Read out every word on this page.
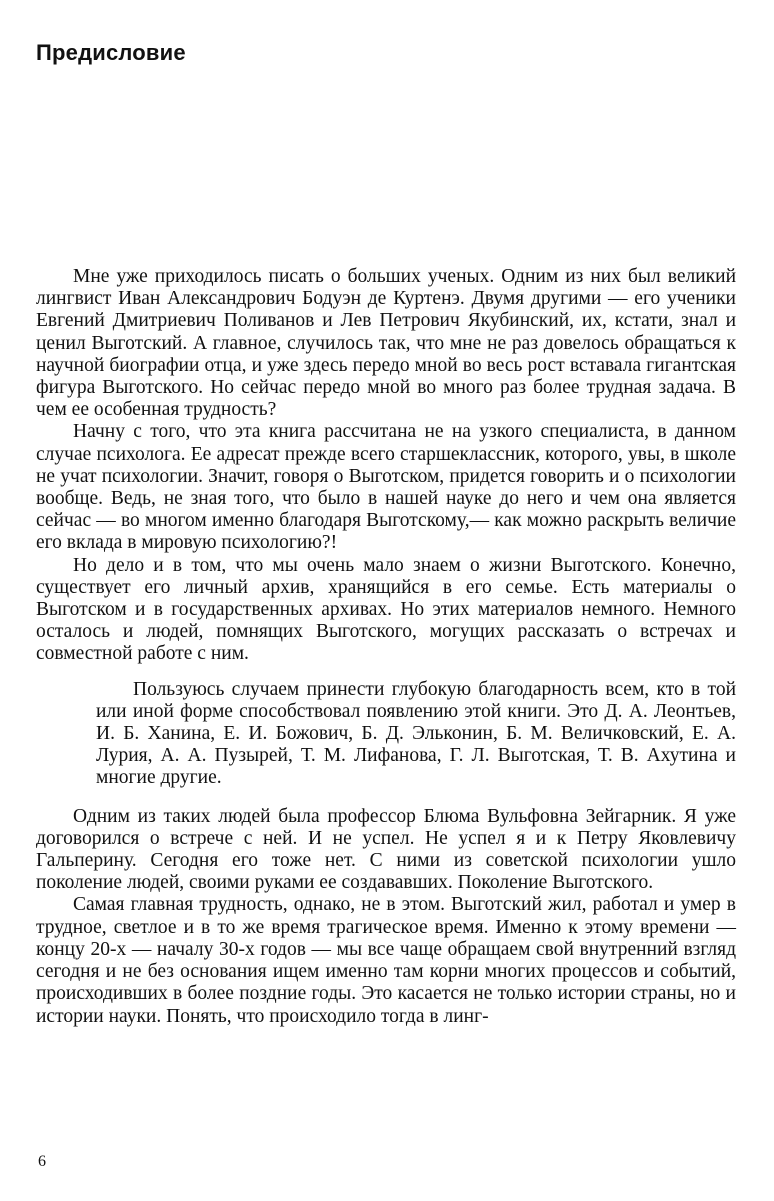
Предисловие

Мне уже приходилось писать о больших ученых. Одним из них был великий лингвист Иван Александрович Бодуэн де Куртенэ. Двумя другими — его ученики Евгений Дмитриевич Поливанов и Лев Петрович Якубинский, их, кстати, знал и ценил Выготский. А главное, случилось так, что мне не раз довелось обращаться к научной биографии отца, и уже здесь передо мной во весь рост вставала гигантская фигура Выготского. Но сейчас передо мной во много раз более трудная задача. В чем ее особенная трудность?

Начну с того, что эта книга рассчитана не на узкого специалиста, в данном случае психолога. Ее адресат прежде всего старшеклассник, которого, увы, в школе не учат психологии. Значит, говоря о Выготском, придется говорить и о психологии вообще. Ведь, не зная того, что было в нашей науке до него и чем она является сейчас — во многом именно благодаря Выготскому,— как можно раскрыть величие его вклада в мировую психологию?!

Но дело и в том, что мы очень мало знаем о жизни Выготского. Конечно, существует его личный архив, хранящийся в его семье. Есть материалы о Выготском и в государственных архивах. Но этих материалов немного. Немного осталось и людей, помнящих Выготского, могущих рассказать о встречах и совместной работе с ним.

Пользуюсь случаем принести глубокую благодарность всем, кто в той или иной форме способствовал появлению этой книги. Это Д. А. Леонтьев, И. Б. Ханина, Е. И. Божович, Б. Д. Эльконин, Б. М. Величковский, Е. А. Лурия, А. А. Пузырей, Т. М. Лифанова, Г. Л. Выготская, Т. В. Ахутина и многие другие.

Одним из таких людей была профессор Блюма Вульфовна Зейгарник. Я уже договорился о встрече с ней. И не успел. Не успел я и к Петру Яковлевичу Гальперину. Сегодня его тоже нет. С ними из советской психологии ушло поколение людей, своими руками ее создававших. Поколение Выготского.

Самая главная трудность, однако, не в этом. Выготский жил, работал и умер в трудное, светлое и в то же время трагическое время. Именно к этому времени — концу 20-х — началу 30-х годов — мы все чаще обращаем свой внутренний взгляд сегодня и не без основания ищем именно там корни многих процессов и событий, происходивших в более поздние годы. Это касается не только истории страны, но и истории науки. Понять, что происходило тогда в линг-

6
